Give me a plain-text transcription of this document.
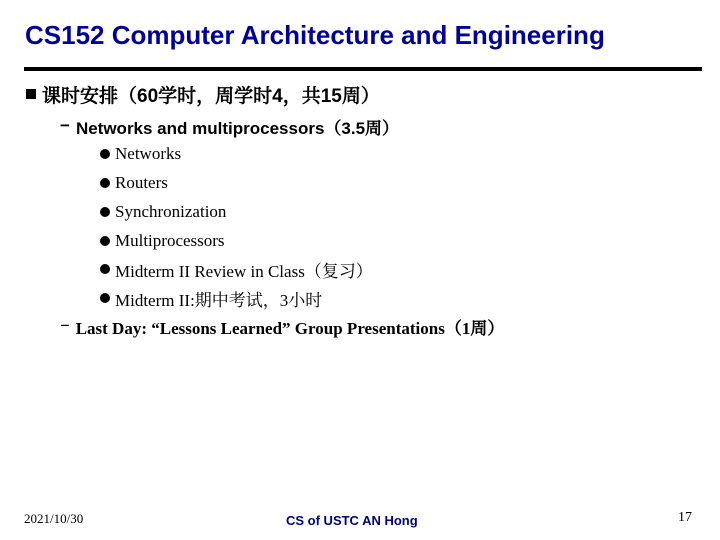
CS152 Computer Architecture and Engineering
课时安排（60学时，周学时4，共15周）
− Networks and multiprocessors（3.5周）
Networks
Routers
Synchronization
Multiprocessors
Midterm II Review in Class（复习）
Midterm II:期中考试，3小时
− Last Day: “Lessons Learned” Group Presentations（1周）
2021/10/30	CS of USTC AN Hong	17
